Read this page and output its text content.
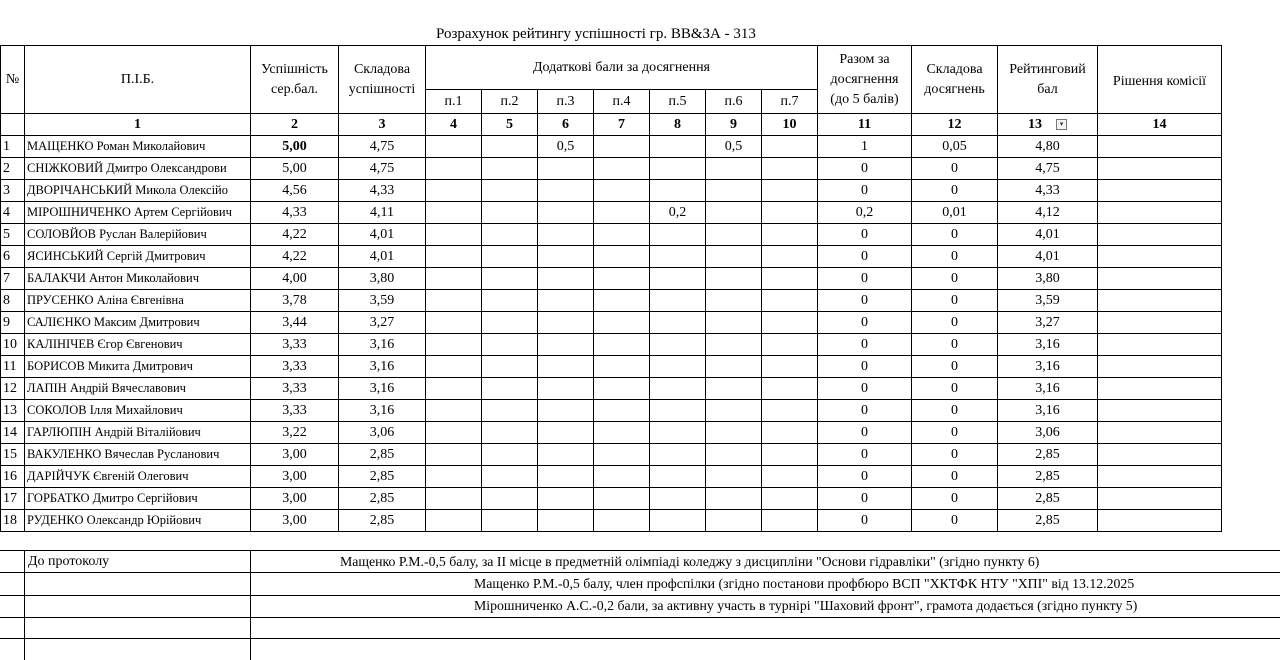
Розрахунок рейтингу успішності гр. ВВ&ЗА - 313
№	П.І.Б.	Успішність
сер.бал.	Складова
успішності	Додаткові бали за досягнення							Разом за
досягнення
(до 5 балів)	Складова
досягнень	Рейтинговий
бал	Рішення комісії
				п.1	п.2	п.3	п.4	п.5	п.6	п.7				
	1	2	3	4	5	6	7	8	9	10	11	12	13 ▾	14
1	МАЩЕНКО Роман Миколайович	5,00	4,75			0,5			0,5		1	0,05	4,80	
2	СНІЖКОВИЙ Дмитро Олександрови	5,00	4,75								0	0	4,75	
3	ДВОРІЧАНСЬКИЙ Микола Олексійо	4,56	4,33								0	0	4,33	
4	МІРОШНИЧЕНКО Артем Сергійович	4,33	4,11					0,2			0,2	0,01	4,12	
5	СОЛОВЙОВ Руслан Валерійович	4,22	4,01								0	0	4,01	
6	ЯСИНСЬКИЙ Сергій Дмитрович	4,22	4,01								0	0	4,01	
7	БАЛАКЧИ Антон Миколайович	4,00	3,80								0	0	3,80	
8	ПРУСЕНКО Аліна Євгенівна	3,78	3,59								0	0	3,59	
9	САЛІЄНКО Максим Дмитрович	3,44	3,27								0	0	3,27	
10	КАЛІНІЧЕВ Єгор Євгенович	3,33	3,16								0	0	3,16	
11	БОРИСОВ Микита Дмитрович	3,33	3,16								0	0	3,16	
12	ЛАПІН Андрій Вячеславович	3,33	3,16								0	0	3,16	
13	СОКОЛОВ Ілля Михайлович	3,33	3,16								0	0	3,16	
14	ГАРЛЮПІН Андрій Віталійович	3,22	3,06								0	0	3,06	
15	ВАКУЛЕНКО Вячеслав Русланович	3,00	2,85								0	0	2,85	
16	ДАРІЙЧУК Євгеній Олегович	3,00	2,85								0	0	2,85	
17	ГОРБАТКО Дмитро Сергійович	3,00	2,85								0	0	2,85	
18	РУДЕНКО Олександр Юрійович	3,00	2,85								0	0	2,85	
До протоколу	Мащенко Р.М.-0,5 балу, за ІІ місце в предметній олімпіаді коледжу з дисципліни "Основи гідравліки" (згідно пункту 6)
Мащенко Р.М.-0,5 балу, член профспілки (згідно постанови профбюро ВСП "ХКТФК НТУ "ХПІ" від 13.12.2025
Мірошниченко А.С.-0,2 бали, за активну участь в турнірі "Шаховий фронт", грамота додається (згідно пункту 5)
